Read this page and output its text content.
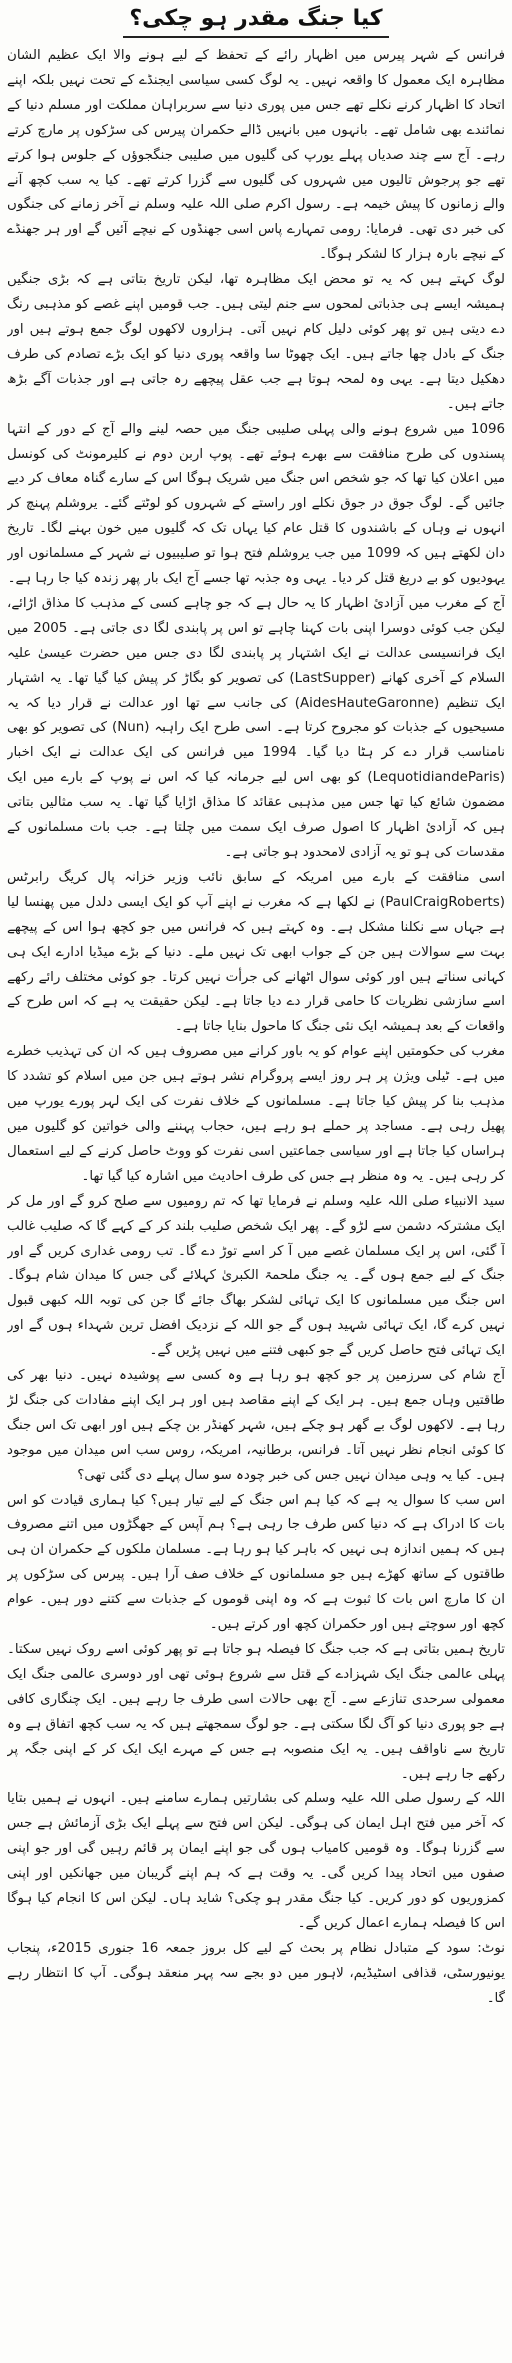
کیا جنگ مقدر ہو چکی؟

فرانس کے شہر پیرس میں اظہار رائے کے تحفظ کے لیے ہونے والا ایک عظیم الشان مظاہرہ ایک معمول کا واقعہ نہیں۔ یہ لوگ کسی سیاسی ایجنڈے کے تحت نہیں بلکہ اپنے اتحاد کا اظہار کرنے نکلے تھے جس میں پوری دنیا سے سربراہان مملکت اور مسلم دنیا کے نمائندے بھی شامل تھے۔ بانہوں میں بانہیں ڈالے حکمران پیرس کی سڑکوں پر مارچ کرتے رہے۔ آج سے چند صدیاں پہلے یورپ کی گلیوں میں صلیبی جنگجوؤں کے جلوس ہوا کرتے تھے جو پرجوش تالیوں میں شہروں کی گلیوں سے گزرا کرتے تھے۔ کیا یہ سب کچھ آنے والے زمانوں کا پیش خیمہ ہے۔ رسول اکرم صلی اللہ علیہ وسلم نے آخر زمانے کی جنگوں کی خبر دی تھی۔ فرمایا: رومی تمہارے پاس اسی جھنڈوں کے نیچے آئیں گے اور ہر جھنڈے کے نیچے بارہ ہزار کا لشکر ہوگا۔

لوگ کہتے ہیں کہ یہ تو محض ایک مظاہرہ تھا، لیکن تاریخ بتاتی ہے کہ بڑی جنگیں ہمیشہ ایسے ہی جذباتی لمحوں سے جنم لیتی ہیں۔ جب قومیں اپنے غصے کو مذہبی رنگ دے دیتی ہیں تو پھر کوئی دلیل کام نہیں آتی۔ ہزاروں لاکھوں لوگ جمع ہوتے ہیں اور جنگ کے بادل چھا جاتے ہیں۔ ایک چھوٹا سا واقعہ پوری دنیا کو ایک بڑے تصادم کی طرف دھکیل دیتا ہے۔ یہی وہ لمحہ ہوتا ہے جب عقل پیچھے رہ جاتی ہے اور جذبات آگے بڑھ جاتے ہیں۔

1096 میں شروع ہونے والی پہلی صلیبی جنگ میں حصہ لینے والے آج کے دور کے انتہا پسندوں کی طرح منافقت سے بھرے ہوئے تھے۔ پوپ اربن دوم نے کلیرمونٹ کی کونسل میں اعلان کیا تھا کہ جو شخص اس جنگ میں شریک ہوگا اس کے سارے گناہ معاف کر دیے جائیں گے۔ لوگ جوق در جوق نکلے اور راستے کے شہروں کو لوٹتے گئے۔ یروشلم پہنچ کر انہوں نے وہاں کے باشندوں کا قتل عام کیا یہاں تک کہ گلیوں میں خون بہنے لگا۔ تاریخ دان لکھتے ہیں کہ 1099 میں جب یروشلم فتح ہوا تو صلیبیوں نے شہر کے مسلمانوں اور یہودیوں کو بے دریغ قتل کر دیا۔ یہی وہ جذبہ تھا جسے آج ایک بار پھر زندہ کیا جا رہا ہے۔

آج کے مغرب میں آزادیٔ اظہار کا یہ حال ہے کہ جو چاہے کسی کے مذہب کا مذاق اڑائے، لیکن جب کوئی دوسرا اپنی بات کہنا چاہے تو اس پر پابندی لگا دی جاتی ہے۔ 2005 میں ایک فرانسیسی عدالت نے ایک اشتہار پر پابندی لگا دی جس میں حضرت عیسیٰ علیہ السلام کے آخری کھانے (LastSupper) کی تصویر کو بگاڑ کر پیش کیا گیا تھا۔ یہ اشتہار ایک تنظیم (AidesHauteGaronne) کی جانب سے تھا اور عدالت نے قرار دیا کہ یہ مسیحیوں کے جذبات کو مجروح کرتا ہے۔ اسی طرح ایک راہبہ (Nun) کی تصویر کو بھی نامناسب قرار دے کر ہٹا دیا گیا۔ 1994 میں فرانس کی ایک عدالت نے ایک اخبار (LequotidiandeParis) کو بھی اس لیے جرمانہ کیا کہ اس نے پوپ کے بارے میں ایک مضمون شائع کیا تھا جس میں مذہبی عقائد کا مذاق اڑایا گیا تھا۔ یہ سب مثالیں بتاتی ہیں کہ آزادیٔ اظہار کا اصول صرف ایک سمت میں چلتا ہے۔ جب بات مسلمانوں کے مقدسات کی ہو تو یہ آزادی لامحدود ہو جاتی ہے۔

اسی منافقت کے بارے میں امریکہ کے سابق نائب وزیر خزانہ پال کریگ رابرٹس (PaulCraigRoberts) نے لکھا ہے کہ مغرب نے اپنے آپ کو ایک ایسی دلدل میں پھنسا لیا ہے جہاں سے نکلنا مشکل ہے۔ وہ کہتے ہیں کہ فرانس میں جو کچھ ہوا اس کے پیچھے بہت سے سوالات ہیں جن کے جواب ابھی تک نہیں ملے۔ دنیا کے بڑے میڈیا ادارے ایک ہی کہانی سناتے ہیں اور کوئی سوال اٹھانے کی جرأت نہیں کرتا۔ جو کوئی مختلف رائے رکھے اسے سازشی نظریات کا حامی قرار دے دیا جاتا ہے۔ لیکن حقیقت یہ ہے کہ اس طرح کے واقعات کے بعد ہمیشہ ایک نئی جنگ کا ماحول بنایا جاتا ہے۔

مغرب کی حکومتیں اپنے عوام کو یہ باور کرانے میں مصروف ہیں کہ ان کی تہذیب خطرے میں ہے۔ ٹیلی ویژن پر ہر روز ایسے پروگرام نشر ہوتے ہیں جن میں اسلام کو تشدد کا مذہب بنا کر پیش کیا جاتا ہے۔ مسلمانوں کے خلاف نفرت کی ایک لہر پورے یورپ میں پھیل رہی ہے۔ مساجد پر حملے ہو رہے ہیں، حجاب پہننے والی خواتین کو گلیوں میں ہراساں کیا جاتا ہے اور سیاسی جماعتیں اسی نفرت کو ووٹ حاصل کرنے کے لیے استعمال کر رہی ہیں۔ یہ وہ منظر ہے جس کی طرف احادیث میں اشارہ کیا گیا تھا۔

سید الانبیاء صلی اللہ علیہ وسلم نے فرمایا تھا کہ تم رومیوں سے صلح کرو گے اور مل کر ایک مشترکہ دشمن سے لڑو گے۔ پھر ایک شخص صلیب بلند کر کے کہے گا کہ صلیب غالب آ گئی، اس پر ایک مسلمان غصے میں آ کر اسے توڑ دے گا۔ تب رومی غداری کریں گے اور جنگ کے لیے جمع ہوں گے۔ یہ جنگ ملحمۃ الکبریٰ کہلائے گی جس کا میدان شام ہوگا۔ اس جنگ میں مسلمانوں کا ایک تہائی لشکر بھاگ جائے گا جن کی توبہ اللہ کبھی قبول نہیں کرے گا، ایک تہائی شہید ہوں گے جو اللہ کے نزدیک افضل ترین شہداء ہوں گے اور ایک تہائی فتح حاصل کریں گے جو کبھی فتنے میں نہیں پڑیں گے۔

آج شام کی سرزمین پر جو کچھ ہو رہا ہے وہ کسی سے پوشیدہ نہیں۔ دنیا بھر کی طاقتیں وہاں جمع ہیں۔ ہر ایک کے اپنے مقاصد ہیں اور ہر ایک اپنے مفادات کی جنگ لڑ رہا ہے۔ لاکھوں لوگ بے گھر ہو چکے ہیں، شہر کھنڈر بن چکے ہیں اور ابھی تک اس جنگ کا کوئی انجام نظر نہیں آتا۔ فرانس، برطانیہ، امریکہ، روس سب اس میدان میں موجود ہیں۔ کیا یہ وہی میدان نہیں جس کی خبر چودہ سو سال پہلے دی گئی تھی؟

اس سب کا سوال یہ ہے کہ کیا ہم اس جنگ کے لیے تیار ہیں؟ کیا ہماری قیادت کو اس بات کا ادراک ہے کہ دنیا کس طرف جا رہی ہے؟ ہم آپس کے جھگڑوں میں اتنے مصروف ہیں کہ ہمیں اندازہ ہی نہیں کہ باہر کیا ہو رہا ہے۔ مسلمان ملکوں کے حکمران ان ہی طاقتوں کے ساتھ کھڑے ہیں جو مسلمانوں کے خلاف صف آرا ہیں۔ پیرس کی سڑکوں پر ان کا مارچ اس بات کا ثبوت ہے کہ وہ اپنی قوموں کے جذبات سے کتنے دور ہیں۔ عوام کچھ اور سوچتے ہیں اور حکمران کچھ اور کرتے ہیں۔

تاریخ ہمیں بتاتی ہے کہ جب جنگ کا فیصلہ ہو جاتا ہے تو پھر کوئی اسے روک نہیں سکتا۔ پہلی عالمی جنگ ایک شہزادے کے قتل سے شروع ہوئی تھی اور دوسری عالمی جنگ ایک معمولی سرحدی تنازعے سے۔ آج بھی حالات اسی طرف جا رہے ہیں۔ ایک چنگاری کافی ہے جو پوری دنیا کو آگ لگا سکتی ہے۔ جو لوگ سمجھتے ہیں کہ یہ سب کچھ اتفاق ہے وہ تاریخ سے ناواقف ہیں۔ یہ ایک منصوبہ ہے جس کے مہرے ایک ایک کر کے اپنی جگہ پر رکھے جا رہے ہیں۔

اللہ کے رسول صلی اللہ علیہ وسلم کی بشارتیں ہمارے سامنے ہیں۔ انہوں نے ہمیں بتایا کہ آخر میں فتح اہل ایمان کی ہوگی۔ لیکن اس فتح سے پہلے ایک بڑی آزمائش ہے جس سے گزرنا ہوگا۔ وہ قومیں کامیاب ہوں گی جو اپنے ایمان پر قائم رہیں گی اور جو اپنی صفوں میں اتحاد پیدا کریں گی۔ یہ وقت ہے کہ ہم اپنے گریبان میں جھانکیں اور اپنی کمزوریوں کو دور کریں۔ کیا جنگ مقدر ہو چکی؟ شاید ہاں۔ لیکن اس کا انجام کیا ہوگا اس کا فیصلہ ہمارے اعمال کریں گے۔

نوٹ: سود کے متبادل نظام پر بحث کے لیے کل بروز جمعہ 16 جنوری 2015ء، پنجاب یونیورسٹی، قذافی اسٹیڈیم، لاہور میں دو بجے سہ پہر منعقد ہوگی۔ آپ کا انتظار رہے گا۔
